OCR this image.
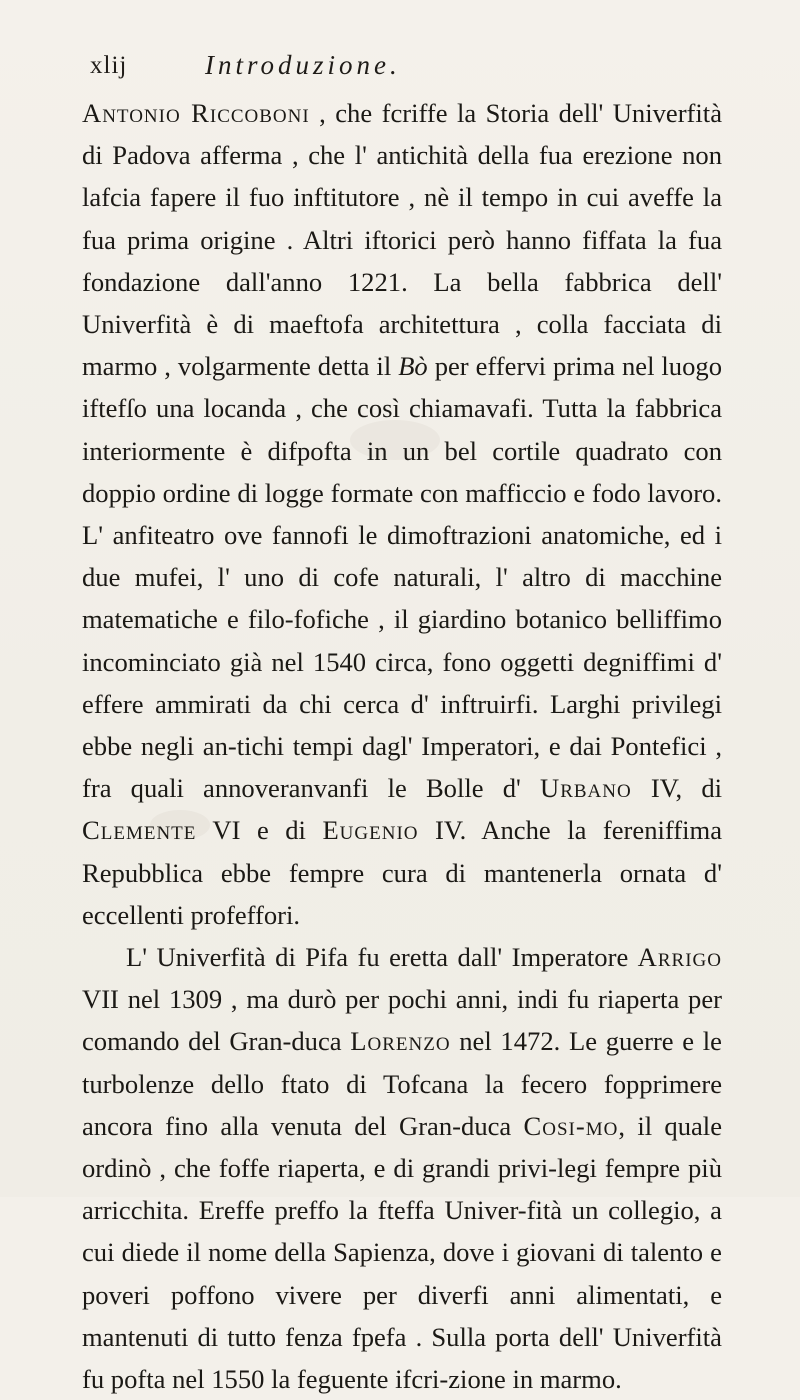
xlij	Introduzione.

Antonio Riccoboni , che fcriffe la Storia dell' Univerfità di Padova afferma , che l' antichità della fua erezione non lafcia fapere il fuo inftitutore , nè il tempo in cui aveffe la fua prima origine . Altri iftorici però hanno fiffata la fua fondazione dall'anno 1221. La bella fabbrica dell' Univerfità è di maeftofa architettura , colla facciata di marmo , volgarmente detta il Bò per effervi prima nel luogo iftefſo una locanda , che così chiamavafi. Tutta la fabbrica interiormente è difpofta in un bel cortile quadrato con doppio ordine di logge formate con mafficcio e fodo lavoro. L' anfiteatro ove fannofi le dimoftrazioni anatomiche, ed i due mufei, l' uno di cofe naturali, l' altro di macchine matematiche e filo-fofiche , il giardino botanico belliffimo incominciato già nel 1540 circa, fono oggetti degniffimi d' effere ammirati da chi cerca d' inftruirfi. Larghi privilegi ebbe negli an-tichi tempi dagl' Imperatori, e dai Pontefici , fra quali annoveranvanfi le Bolle d' Urbano IV, di Clemente VI e di Eugenio IV. Anche la fereniffima Repubblica ebbe fempre cura di mantenerla ornata d' eccellenti profeffori.

L' Univerfità di Pifa fu eretta dall' Imperatore Arrigo VII nel 1309 , ma durò per pochi anni, indi fu riaperta per comando del Gran-duca Lorenzo nel 1472. Le guerre e le turbolenze dello ftato di Tofcana la fecero fopprimere ancora fino alla venuta del Gran-duca Cosi-mo, il quale ordinò , che foffe riaperta, e di grandi privi-legi fempre più arricchita. Ereffe preffo la fteffa Univer-fità un collegio, a cui diede il nome della Sapienza, dove i giovani di talento e poveri poffono vivere per diverfi anni alimentati, e mantenuti di tutto fenza fpefa . Sulla porta dell' Univerfità fu pofta nel 1550 la feguente ifcri-zione in marmo.
